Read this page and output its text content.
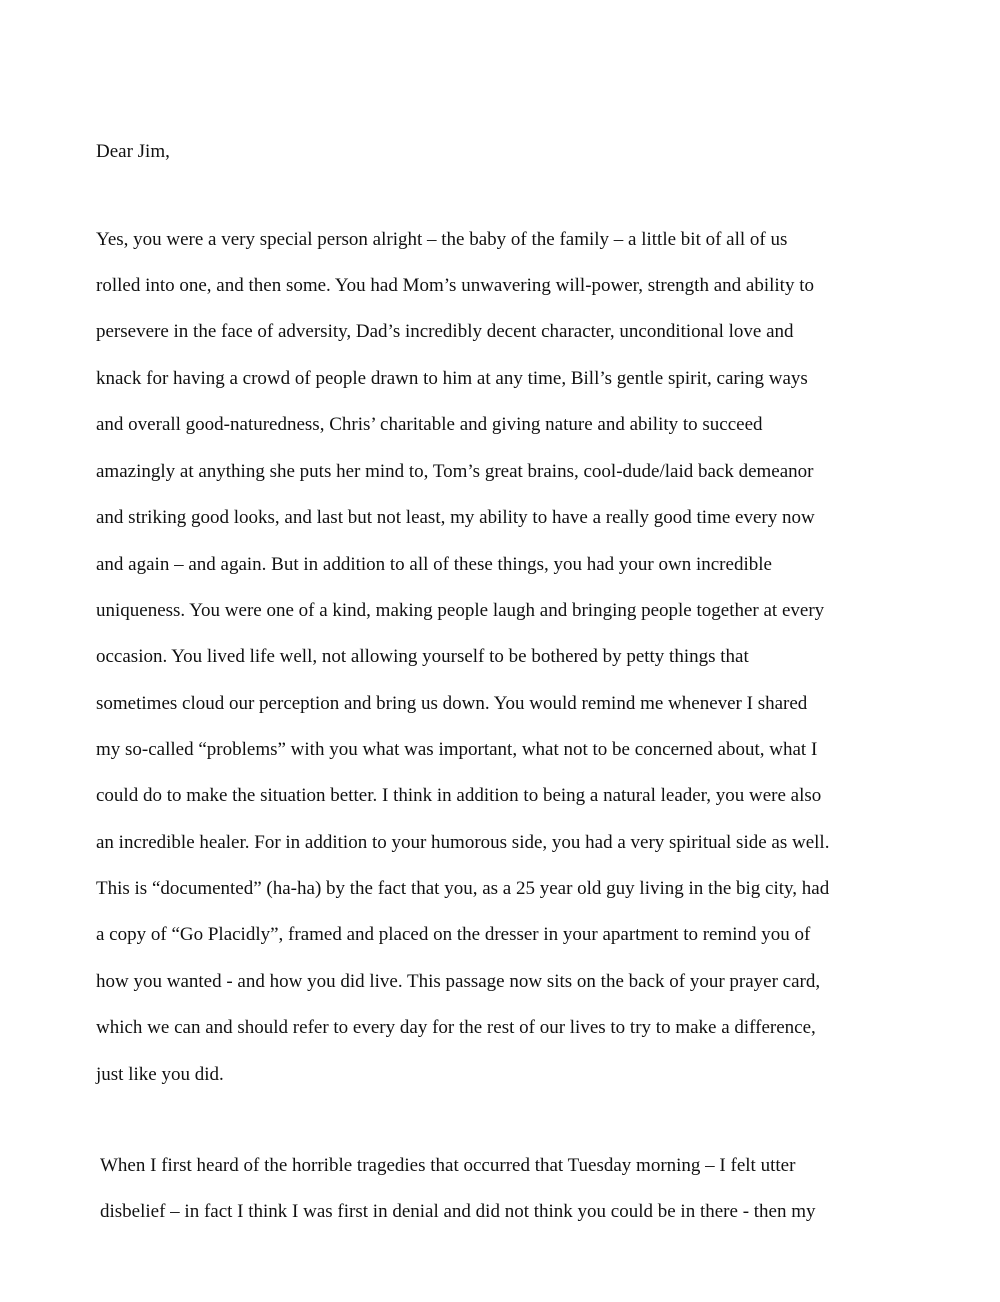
Dear Jim,
Yes, you were a very special person alright – the baby of the family – a little bit of all of us
rolled into one, and then some. You had Mom’s unwavering will-power, strength and ability to
persevere in the face of adversity, Dad’s incredibly decent character, unconditional love and
knack for having a crowd of people drawn to him at any time, Bill’s gentle spirit, caring ways
and overall good-naturedness, Chris’ charitable and giving nature and ability to succeed
amazingly at anything she puts her mind to, Tom’s great brains, cool-dude/laid back demeanor
and striking good looks, and last but not least, my ability to have a really good time every now
and again – and again. But in addition to all of these things, you had your own incredible
uniqueness. You were one of a kind, making people laugh and bringing people together at every
occasion. You lived life well, not allowing yourself to be bothered by petty things that
sometimes cloud our perception and bring us down. You would remind me whenever I shared
my so-called “problems” with you what was important, what not to be concerned about, what I
could do to make the situation better. I think in addition to being a natural leader, you were also
an incredible healer. For in addition to your humorous side, you had a very spiritual side as well.
This is “documented” (ha-ha) by the fact that you, as a 25 year old guy living in the big city, had
a copy of “Go Placidly”, framed and placed on the dresser in your apartment to remind you of
how you wanted - and how you did live. This passage now sits on the back of your prayer card,
which we can and should refer to every day for the rest of our lives to try to make a difference,
just like you did.
When I first heard of the horrible tragedies that occurred that Tuesday morning – I felt utter
disbelief – in fact I think I was first in denial and did not think you could be in there - then my
